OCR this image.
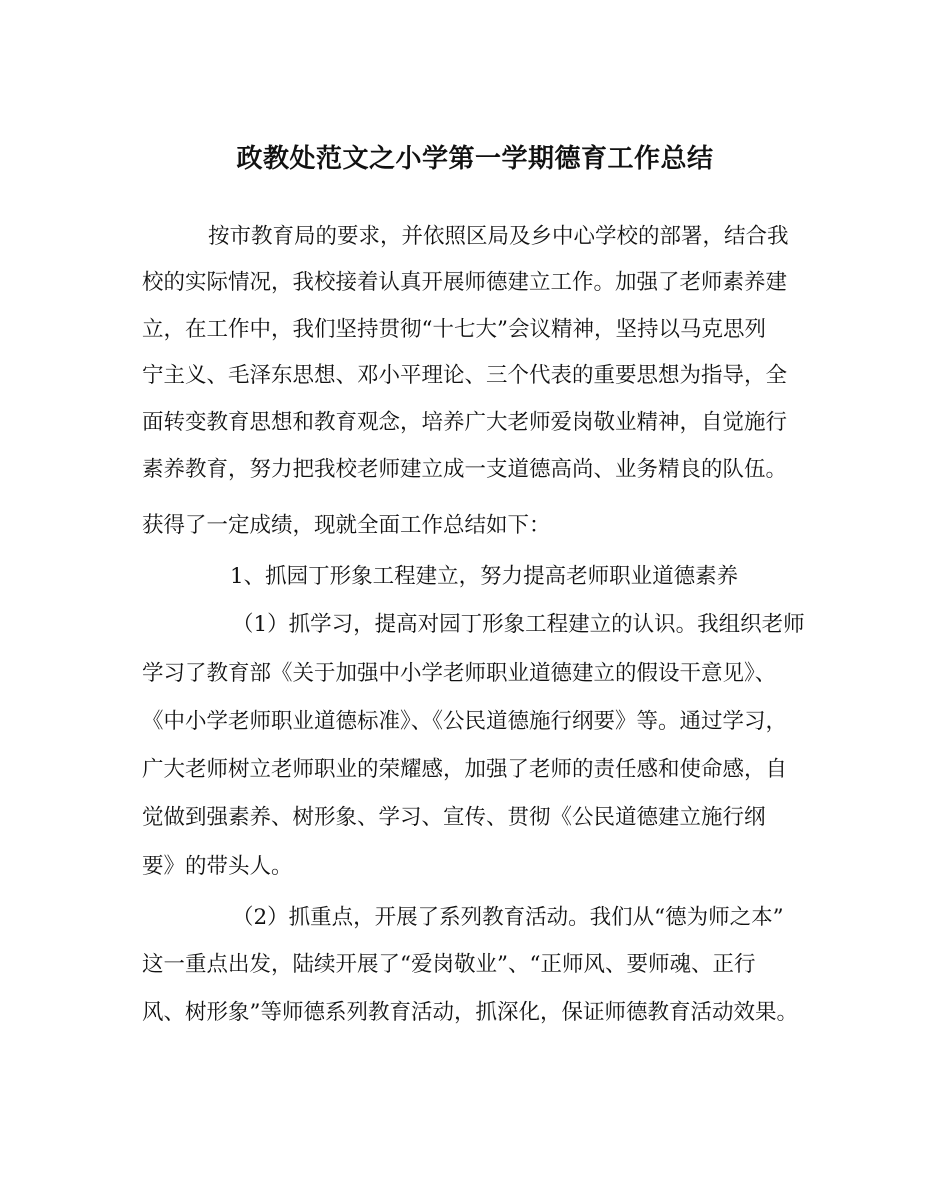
政教处范文之小学第一学期德育工作总结

按市教育局的要求，并依照区局及乡中心学校的部署，结合我

校的实际情况，我校接着认真开展师德建立工作。加强了老师素养建

立，在工作中，我们坚持贯彻“十七大”会议精神，坚持以马克思列

宁主义、毛泽东思想、邓小平理论、三个代表的重要思想为指导，全

面转变教育思想和教育观念，培养广大老师爱岗敬业精神，自觉施行

素养教育，努力把我校老师建立成一支道德高尚、业务精良的队伍。

获得了一定成绩，现就全面工作总结如下：

1、抓园丁形象工程建立，努力提高老师职业道德素养

（1）抓学习，提高对园丁形象工程建立的认识。我组织老师

学习了教育部《关于加强中小学老师职业道德建立的假设干意见》、

《中小学老师职业道德标准》、《公民道德施行纲要》等。通过学习，

广大老师树立老师职业的荣耀感，加强了老师的责任感和使命感，自

觉做到强素养、树形象、学习、宣传、贯彻《公民道德建立施行纲

要》的带头人。

（2）抓重点，开展了系列教育活动。我们从“德为师之本”

这一重点出发，陆续开展了“爱岗敬业”、“正师风、要师魂、正行

风、树形象”等师德系列教育活动，抓深化，保证师德教育活动效果。
